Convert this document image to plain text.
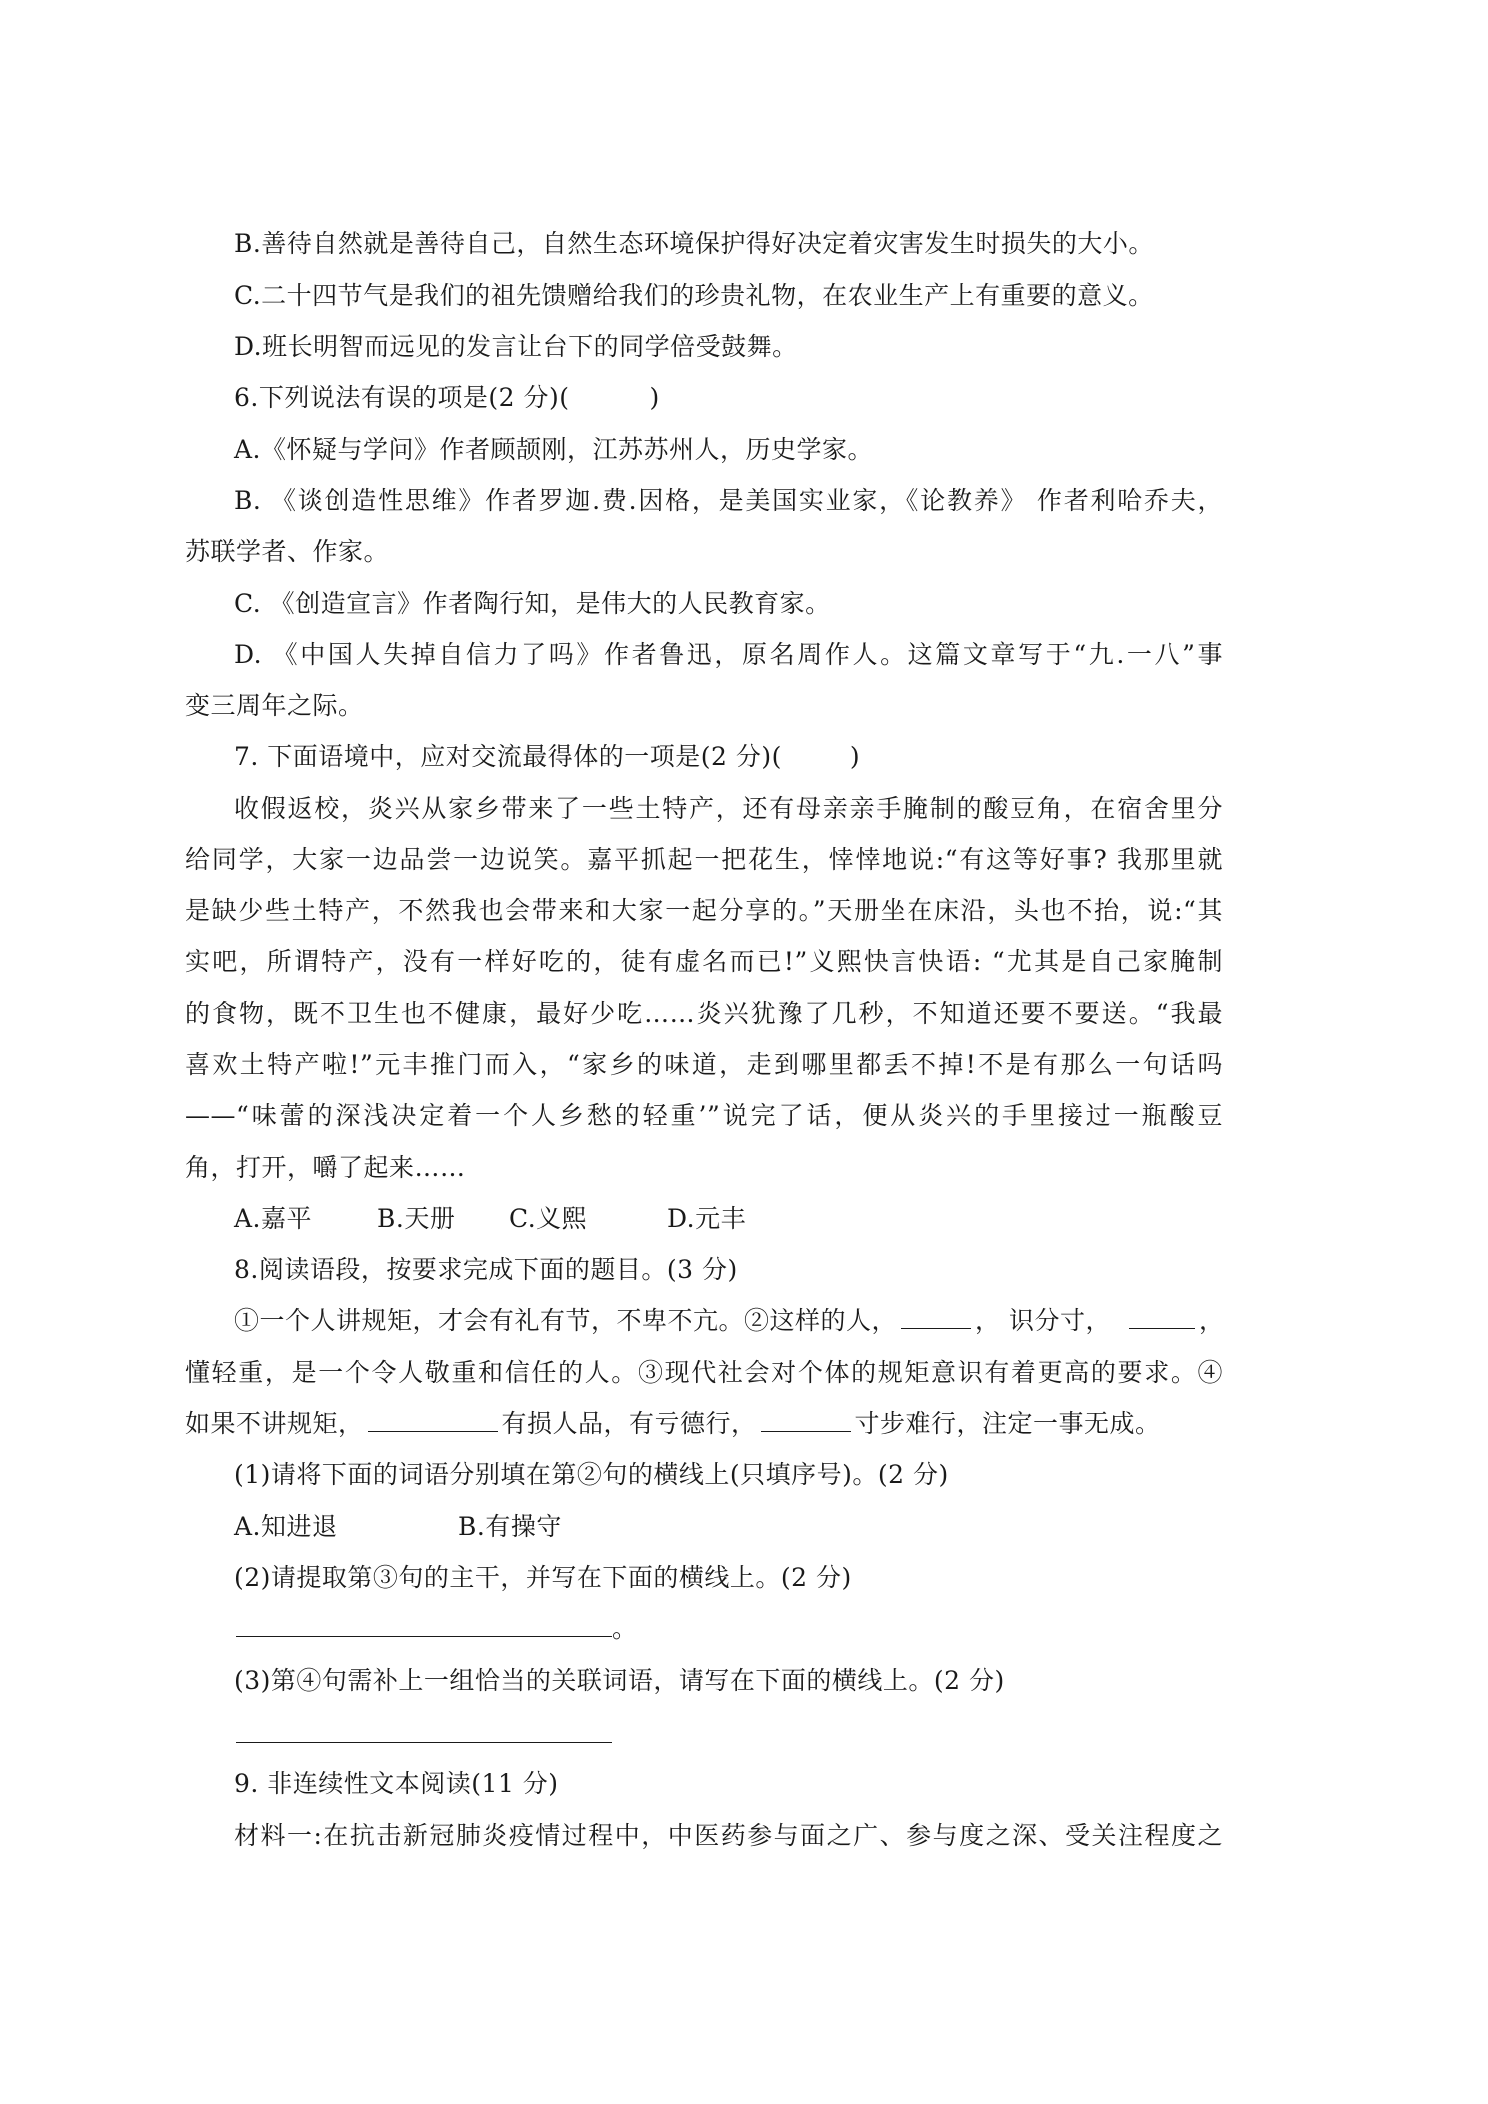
B.善待自然就是善待自己，自然生态环境保护得好决定着灾害发生时损失的大小。
C.二十四节气是我们的祖先馈赠给我们的珍贵礼物，在农业生产上有重要的意义。
D.班长明智而远见的发言让台下的同学倍受鼓舞。
6.下列说法有误的项是(2 分)(	)
A.《怀疑与学问》作者顾颉刚，江苏苏州人，历史学家。
B. 《谈创造性思维》作者罗迦.费.因格，是美国实业家，《论教养》 作者利哈乔夫，
苏联学者、作家。
C. 《创造宣言》作者陶行知，是伟大的人民教育家。
D. 《中国人失掉自信力了吗》作者鲁迅，原名周作人。这篇文章写于“九.一八”事
变三周年之际。
7. 下面语境中，应对交流最得体的一项是(2 分)(	)
收假返校，炎兴从家乡带来了一些土特产，还有母亲亲手腌制的酸豆角，在宿舍里分
给同学，大家一边品尝一边说笑。嘉平抓起一把花生，悻悻地说:“有这等好事? 我那里就
是缺少些土特产，不然我也会带来和大家一起分享的。”天册坐在床沿，头也不抬，说:“其
实吧，所谓特产，没有一样好吃的，徒有虚名而已!”义熙快言快语: “尤其是自己家腌制
的食物，既不卫生也不健康，最好少吃……炎兴犹豫了几秒，不知道还要不要送。“我最
喜欢土特产啦!”元丰推门而入，“家乡的味道，走到哪里都丢不掉!不是有那么一句话吗
——“味蕾的深浅决定着一个人乡愁的轻重’”说完了话，便从炎兴的手里接过一瓶酸豆
角，打开，嚼了起来……
A.嘉平	B.天册 C.义熙	D.元丰
8.阅读语段，按要求完成下面的题目。(3 分)
①一个人讲规矩，才会有礼有节，不卑不亢。②这样的人，	， 识分寸，	，
懂轻重，是一个令人敬重和信任的人。③现代社会对个体的规矩意识有着更高的要求。④
如果不讲规矩，	有损人品，有亏德行，	寸步难行，注定一事无成。
(1)请将下面的词语分别填在第②句的横线上(只填序号)。(2 分)
A.知进退	B.有操守
(2)请提取第③句的主干，并写在下面的横线上。(2 分)
。
(3)第④句需补上一组恰当的关联词语，请写在下面的横线上。(2 分)
9. 非连续性文本阅读(11 分)
材料一:在抗击新冠肺炎疫情过程中，中医药参与面之广、参与度之深、受关注程度之
